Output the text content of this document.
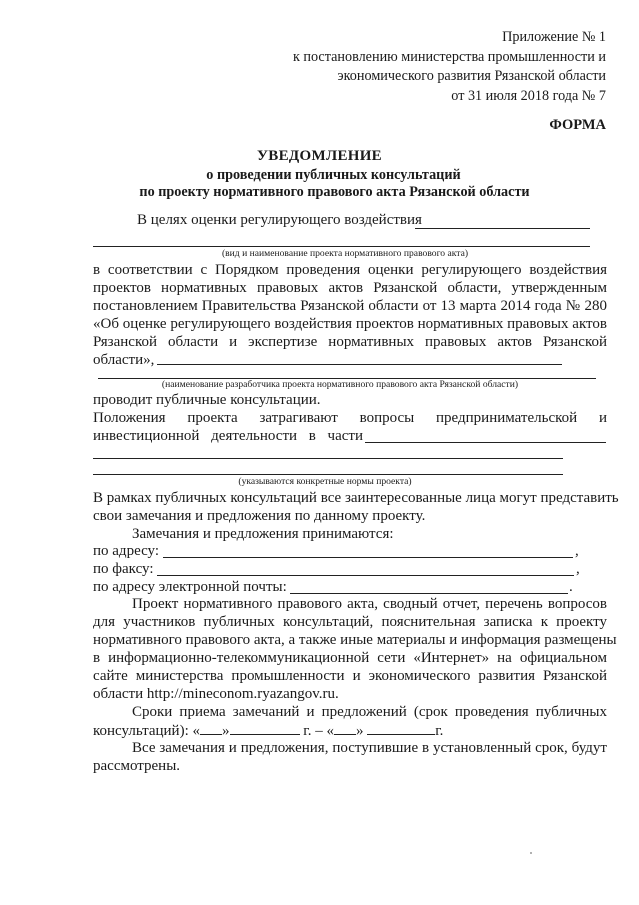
Приложение № 1
к постановлению министерства промышленности и
экономического развития Рязанской области
от 31 июля 2018 года № 7
ФОРМА
УВЕДОМЛЕНИЕ
о проведении публичных консультаций
по проекту нормативного правового акта Рязанской области
В целях оценки регулирующего воздействия
(вид и наименование проекта нормативного правового акта)
в соответствии с Порядком проведения оценки регулирующего воздействия
проектов нормативных правовых актов Рязанской области, утвержденным
постановлением Правительства Рязанской области от 13 марта 2014 года № 280
«Об оценке регулирующего воздействия проектов нормативных правовых актов
Рязанской области и экспертизе нормативных правовых актов Рязанской
области»,
(наименование разработчика проекта нормативного правового акта Рязанской области)
проводит публичные консультации.
Положения проекта затрагивают вопросы предпринимательской и
инвестиционной деятельности в части
(указываются конкретные нормы проекта)
В рамках публичных консультаций все заинтересованные лица могут представить
свои замечания и предложения по данному проекту.
Замечания и предложения принимаются:
по адресу:	,
по факсу:	,
по адресу электронной почты:	.
Проект нормативного правового акта, сводный отчет, перечень вопросов
для участников публичных консультаций, пояснительная записка к проекту
нормативного правового акта, а также иные материалы и информация размещены
в информационно-телекоммуникационной сети «Интернет» на официальном
сайте министерства промышленности и экономического развития Рязанской
области http://mineconom.ryazangov.ru.
Сроки приема замечаний и предложений (срок проведения публичных
консультаций): « »	г. – « »	г.
Все замечания и предложения, поступившие в установленный срок, будут
рассмотрены.
